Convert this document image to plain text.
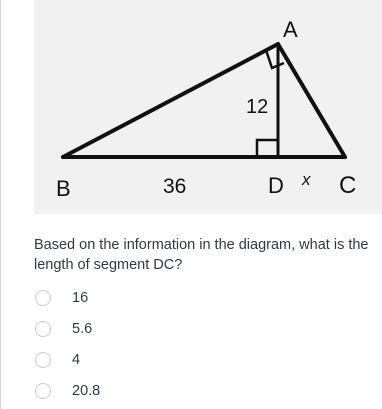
A
B	C
D x
12
36

Based on the information in the diagram, what is the length of segment DC?

16
5.6
4
20.8
